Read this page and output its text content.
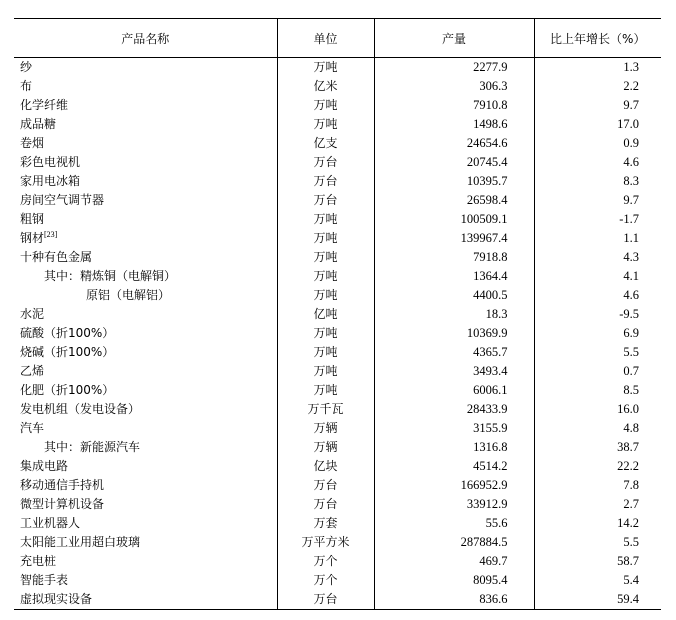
产品名称	单位	产量	比上年增长（%）
纱	万吨	2277.9	1.3
布	亿米	306.3	2.2
化学纤维	万吨	7910.8	9.7
成品糖	万吨	1498.6	17.0
卷烟	亿支	24654.6	0.9
彩色电视机	万台	20745.4	4.6
家用电冰箱	万台	10395.7	8.3
房间空气调节器	万台	26598.4	9.7
粗钢	万吨	100509.1	-1.7
钢材[23]	万吨	139967.4	1.1
十种有色金属	万吨	7918.8	4.3
其中：精炼铜（电解铜）	万吨	1364.4	4.1
原铝（电解铝）	万吨	4400.5	4.6
水泥	亿吨	18.3	-9.5
硫酸（折100%）	万吨	10369.9	6.9
烧碱（折100%）	万吨	4365.7	5.5
乙烯	万吨	3493.4	0.7
化肥（折100%）	万吨	6006.1	8.5
发电机组（发电设备）	万千瓦	28433.9	16.0
汽车	万辆	3155.9	4.8
其中：新能源汽车	万辆	1316.8	38.7
集成电路	亿块	4514.2	22.2
移动通信手持机	万台	166952.9	7.8
微型计算机设备	万台	33912.9	2.7
工业机器人	万套	55.6	14.2
太阳能工业用超白玻璃	万平方米	287884.5	5.5
充电桩	万个	469.7	58.7
智能手表	万个	8095.4	5.4
虚拟现实设备	万台	836.6	59.4
